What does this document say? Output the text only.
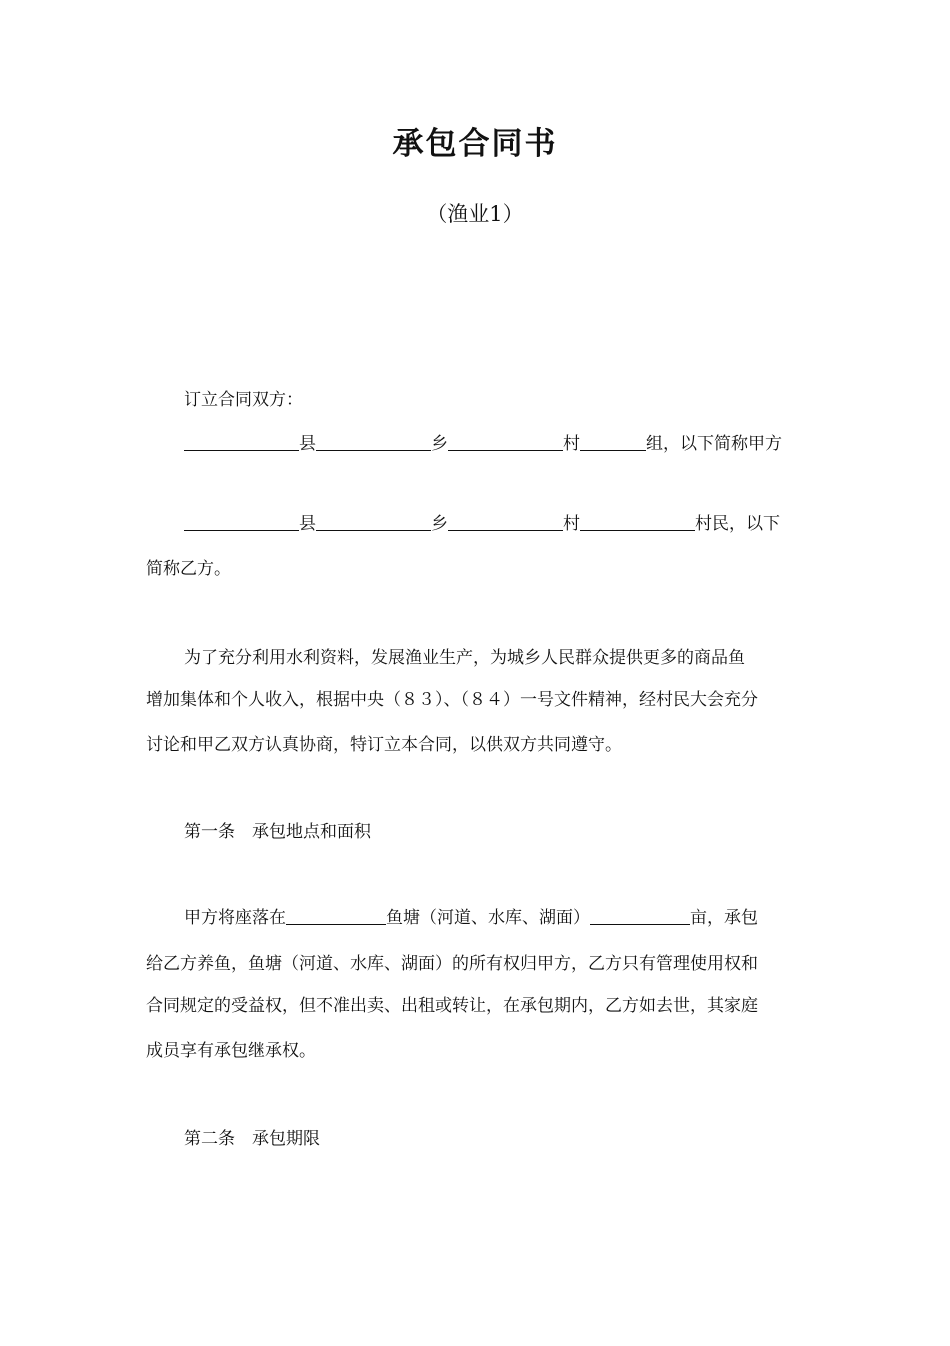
承包合同书
（渔业1）
订立合同双方：
县	乡	村	组，以下简称甲方
县	乡	村	村民，以下
简称乙方。
为了充分利用水利资料，发展渔业生产，为城乡人民群众提供更多的商品鱼
增加集体和个人收入，根据中央（８３）、（８４）一号文件精神，经村民大会充分
讨论和甲乙双方认真协商，特订立本合同，以供双方共同遵守。
第一条　承包地点和面积
甲方将座落在	鱼塘（河道、水库、湖面）	亩，承包
给乙方养鱼，鱼塘（河道、水库、湖面）的所有权归甲方，乙方只有管理使用权和
合同规定的受益权，但不准出卖、出租或转让，在承包期内，乙方如去世，其家庭
成员享有承包继承权。
第二条　承包期限
